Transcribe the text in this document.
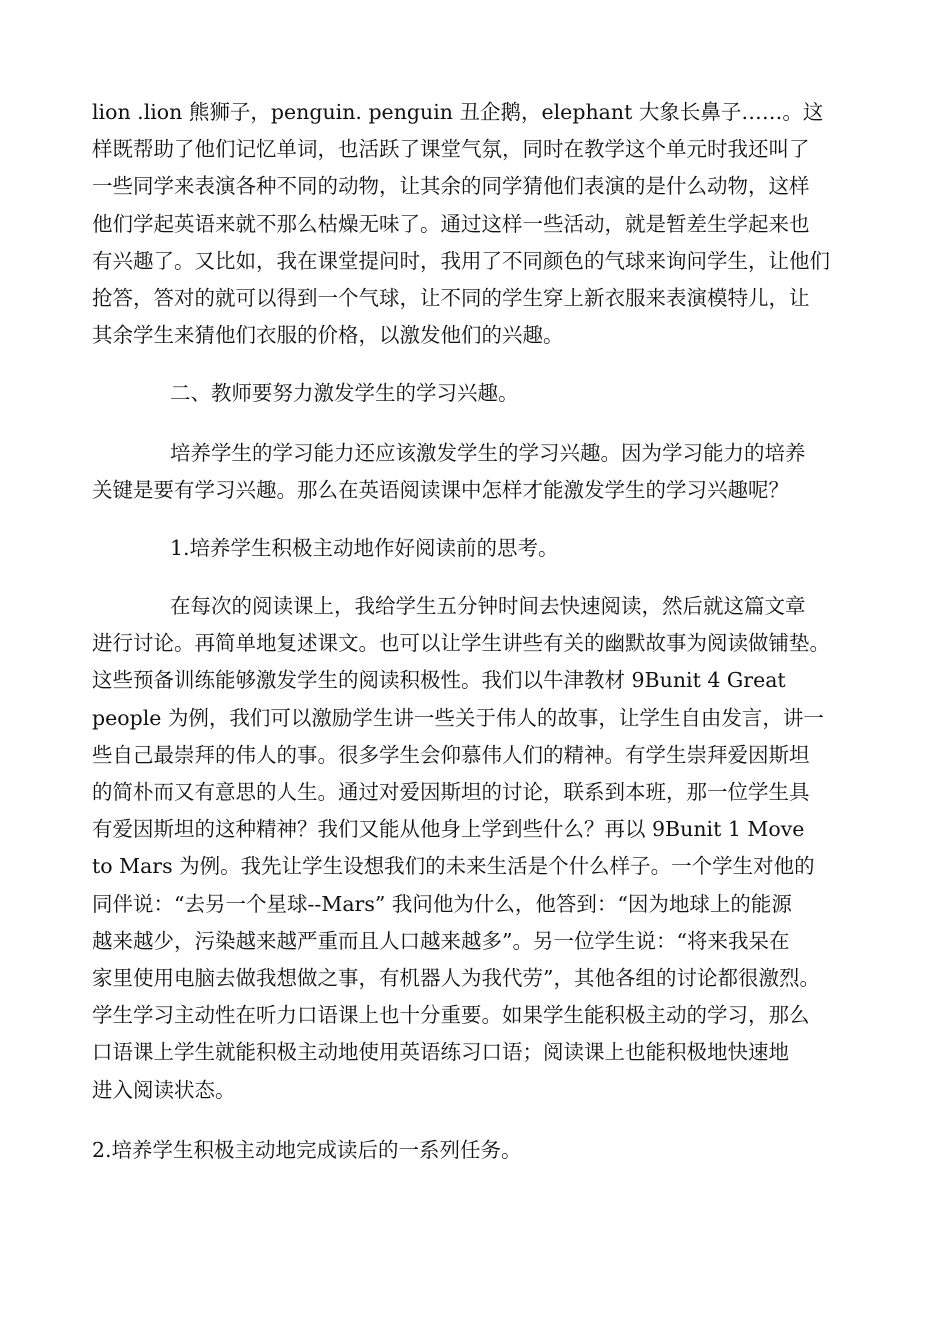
lion .lion 熊狮子，penguin. penguin 丑企鹅，elephant 大象长鼻子……。这
样既帮助了他们记忆单词，也活跃了课堂气氛，同时在教学这个单元时我还叫了
一些同学来表演各种不同的动物，让其余的同学猜他们表演的是什么动物，这样
他们学起英语来就不那么枯燥无味了。通过这样一些活动，就是暂差生学起来也
有兴趣了。又比如，我在课堂提问时，我用了不同颜色的气球来询问学生，让他们
抢答，答对的就可以得到一个气球，让不同的学生穿上新衣服来表演模特儿，让
其余学生来猜他们衣服的价格，以激发他们的兴趣。

二、教师要努力激发学生的学习兴趣。

培养学生的学习能力还应该激发学生的学习兴趣。因为学习能力的培养
关键是要有学习兴趣。那么在英语阅读课中怎样才能激发学生的学习兴趣呢？

1.培养学生积极主动地作好阅读前的思考。

在每次的阅读课上，我给学生五分钟时间去快速阅读，然后就这篇文章
进行讨论。再简单地复述课文。也可以让学生讲些有关的幽默故事为阅读做铺垫。
这些预备训练能够激发学生的阅读积极性。我们以牛津教材 9Bunit 4 Great
people 为例，我们可以激励学生讲一些关于伟人的故事，让学生自由发言，讲一
些自己最崇拜的伟人的事。很多学生会仰慕伟人们的精神。有学生崇拜爱因斯坦
的简朴而又有意思的人生。通过对爱因斯坦的讨论，联系到本班，那一位学生具
有爱因斯坦的这种精神？我们又能从他身上学到些什么？再以 9Bunit 1 Move
to Mars 为例。我先让学生设想我们的未来生活是个什么样子。一个学生对他的
同伴说：“去另一个星球--Mars” 我问他为什么，他答到：“因为地球上的能源
越来越少，污染越来越严重而且人口越来越多”。另一位学生说：“将来我呆在
家里使用电脑去做我想做之事，有机器人为我代劳”，其他各组的讨论都很激烈。
学生学习主动性在听力口语课上也十分重要。如果学生能积极主动的学习，那么
口语课上学生就能积极主动地使用英语练习口语；阅读课上也能积极地快速地
进入阅读状态。

2.培养学生积极主动地完成读后的一系列任务。
